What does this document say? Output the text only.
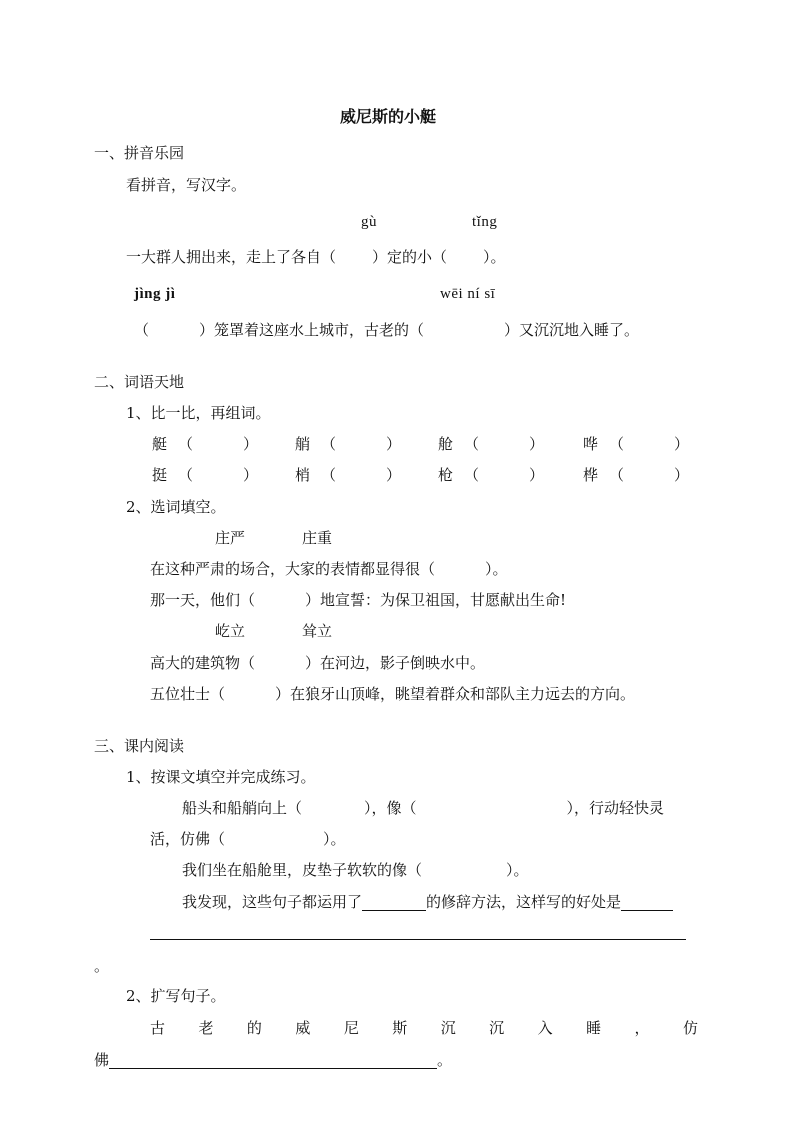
威尼斯的小艇
一、拼音乐园
看拼音，写汉字。
gù	tǐng
一大群人拥出来，走上了各自（ ）定的小（ ）。
jìng jì	wēi ní sī
（	）笼罩着这座水上城市，古老的（	）又沉沉地入睡了。
二、词语天地
1、比一比，再组词。
艇 （	） 艄 （	） 舱 （	）	哗 （	）
挺 （	） 梢 （	） 枪 （	）	桦 （	）
2、选词填空。
庄严	庄重
在这种严肃的场合，大家的表情都显得很（	）。
那一天，他们（	）地宣誓：为保卫祖国，甘愿献出生命!
屹立	耸立
高大的建筑物（	）在河边，影子倒映水中。
五位壮士（	）在狼牙山顶峰，眺望着群众和部队主力远去的方向。
三、课内阅读
1、按课文填空并完成练习。
船头和船艄向上（	），像（	），行动轻快灵
活，仿佛（	）。
我们坐在船舱里，皮垫子软软的像（	）。
我发现，这些句子都运用了	的修辞方法，这样写的好处是
。
2、扩写句子。
古 老 的 威 尼 斯 沉 沉 入 睡 ， 仿
佛	。
